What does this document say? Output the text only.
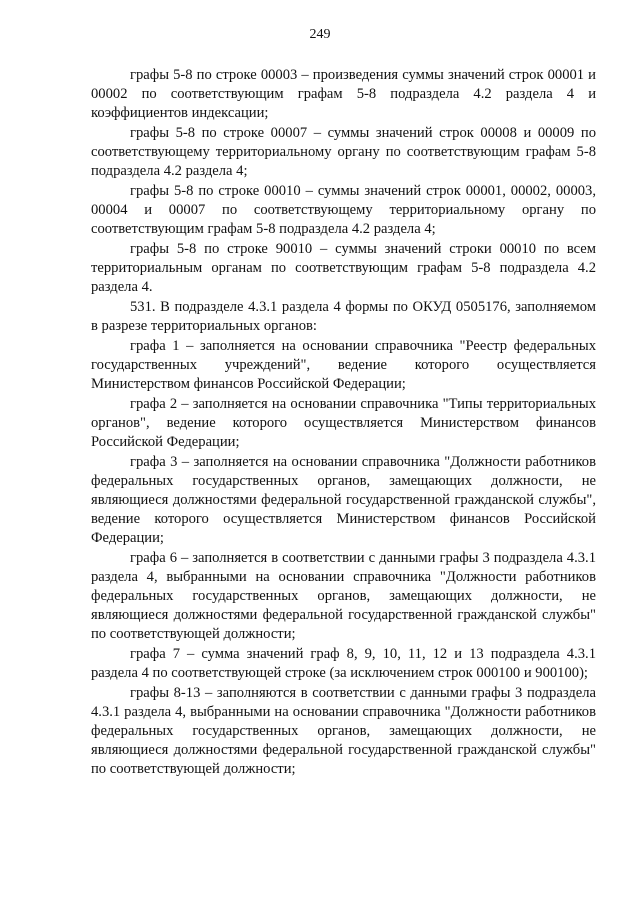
249

графы 5-8 по строке 00003 – произведения суммы значений строк 00001 и 00002 по соответствующим графам 5-8 подраздела 4.2 раздела 4 и коэффициентов индексации;

графы 5-8 по строке 00007 – суммы значений строк 00008 и 00009 по соответствующему территориальному органу по соответствующим графам 5-8 подраздела 4.2 раздела 4;

графы 5-8 по строке 00010 – суммы значений строк 00001, 00002, 00003, 00004 и 00007 по соответствующему территориальному органу по соответствующим графам 5-8 подраздела 4.2 раздела 4;

графы 5-8 по строке 90010 – суммы значений строки 00010 по всем территориальным органам по соответствующим графам 5-8 подраздела 4.2 раздела 4.

531. В подразделе 4.3.1 раздела 4 формы по ОКУД 0505176, заполняемом в разрезе территориальных органов:

графа 1 – заполняется на основании справочника "Реестр федеральных государственных учреждений", ведение которого осуществляется Министерством финансов Российской Федерации;

графа 2 – заполняется на основании справочника "Типы территориальных органов", ведение которого осуществляется Министерством финансов Российской Федерации;

графа 3 – заполняется на основании справочника "Должности работников федеральных государственных органов, замещающих должности, не являющиеся должностями федеральной государственной гражданской службы", ведение которого осуществляется Министерством финансов Российской Федерации;

графа 6 – заполняется в соответствии с данными графы 3 подраздела 4.3.1 раздела 4, выбранными на основании справочника "Должности работников федеральных государственных органов, замещающих должности, не являющиеся должностями федеральной государственной гражданской службы" по соответствующей должности;

графа 7 – сумма значений граф 8, 9, 10, 11, 12 и 13 подраздела 4.3.1 раздела 4 по соответствующей строке (за исключением строк 000100 и 900100);

графы 8-13 – заполняются в соответствии с данными графы 3 подраздела 4.3.1 раздела 4, выбранными на основании справочника "Должности работников федеральных государственных органов, замещающих должности, не являющиеся должностями федеральной государственной гражданской службы" по соответствующей должности;
